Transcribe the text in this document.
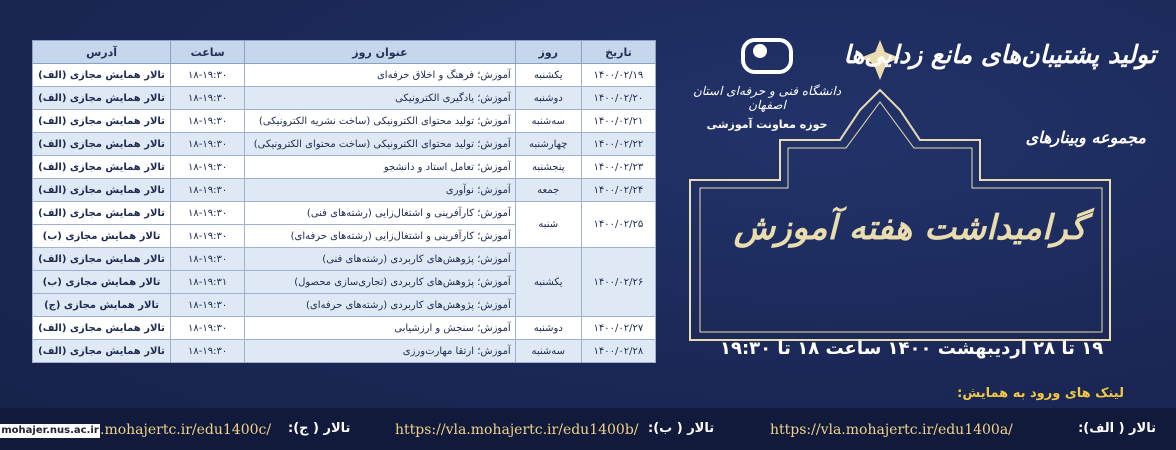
تاریخ	روز	عنوان روز	ساعت	آدرس
۱۴۰۰/۰۲/۱۹	یکشنبه	آموزش؛ فرهنگ و اخلاق حرفه‌ای	۱۸-۱۹:۳۰	تالار همایش مجازی (الف)
۱۴۰۰/۰۲/۲۰	دوشنبه	آموزش؛ یادگیری الکترونیکی	۱۸-۱۹:۳۰	تالار همایش مجازی (الف)
۱۴۰۰/۰۲/۲۱	سه‌شنبه	آموزش؛ تولید محتوای الکترونیکی (ساخت نشریه الکترونیکی)	۱۸-۱۹:۳۰	تالار همایش مجازی (الف)
۱۴۰۰/۰۲/۲۲	چهارشنبه	آموزش؛ تولید محتوای الکترونیکی (ساخت محتوای الکترونیکی)	۱۸-۱۹:۳۰	تالار همایش مجازی (الف)
۱۴۰۰/۰۲/۲۳	پنجشنبه	آموزش؛ تعامل استاد و دانشجو	۱۸-۱۹:۳۰	تالار همایش مجازی (الف)
۱۴۰۰/۰۲/۲۴	جمعه	آموزش؛ نوآوری	۱۸-۱۹:۳۰	تالار همایش مجازی (الف)
۱۴۰۰/۰۲/۲۵	شنبه	آموزش؛ کارآفرینی و اشتغال‌زایی (رشته‌های فنی)	۱۸-۱۹:۳۰	تالار همایش مجازی (الف)
		آموزش؛ کارآفرینی و اشتغال‌زایی (رشته‌های حرفه‌ای)	۱۸-۱۹:۳۰	تالار همایش مجازی (ب)
۱۴۰۰/۰۲/۲۶	یکشنبه	آموزش؛ پژوهش‌های کاربردی (رشته‌های فنی)	۱۸-۱۹:۳۰	تالار همایش مجازی (الف)
		آموزش؛ پژوهش‌های کاربردی (تجاری‌سازی محصول)	۱۸-۱۹:۳۱	تالار همایش مجازی (ب)
		آموزش؛ پژوهش‌های کاربردی (رشته‌های حرفه‌ای)	۱۸-۱۹:۳۰	تالار همایش مجازی (ج)
۱۴۰۰/۰۲/۲۷	دوشنبه	آموزش؛ سنجش و ارزشیابی	۱۸-۱۹:۳۰	تالار همایش مجازی (الف)
۱۴۰۰/۰۲/۲۸	سه‌شنبه	آموزش؛ ارتقا مهارت‌ورزی	۱۸-۱۹:۳۰	تالار همایش مجازی (الف)
تولید پشتیبان‌های مانع زدایی‌ها
مجموعه وبینارهای
دانشگاه فنی و حرفه‌ای استان اصفهان
حوزه معاونت آموزشی
گرامیداشت هفته آموزش
۱۹ تا ۲۸ اردیبهشت ۱۴۰۰ ساعت ۱۸ تا ۱۹:۳۰
لینک های ورود به همایش:
تالار ( الف):
https://vla.mohajertc.ir/edu1400a/
تالار ( ب):
https://vla.mohajertc.ir/edu1400b/
تالار ( ج):
.mohajertc.ir/edu1400c/
mohajer.nus.ac.ir
